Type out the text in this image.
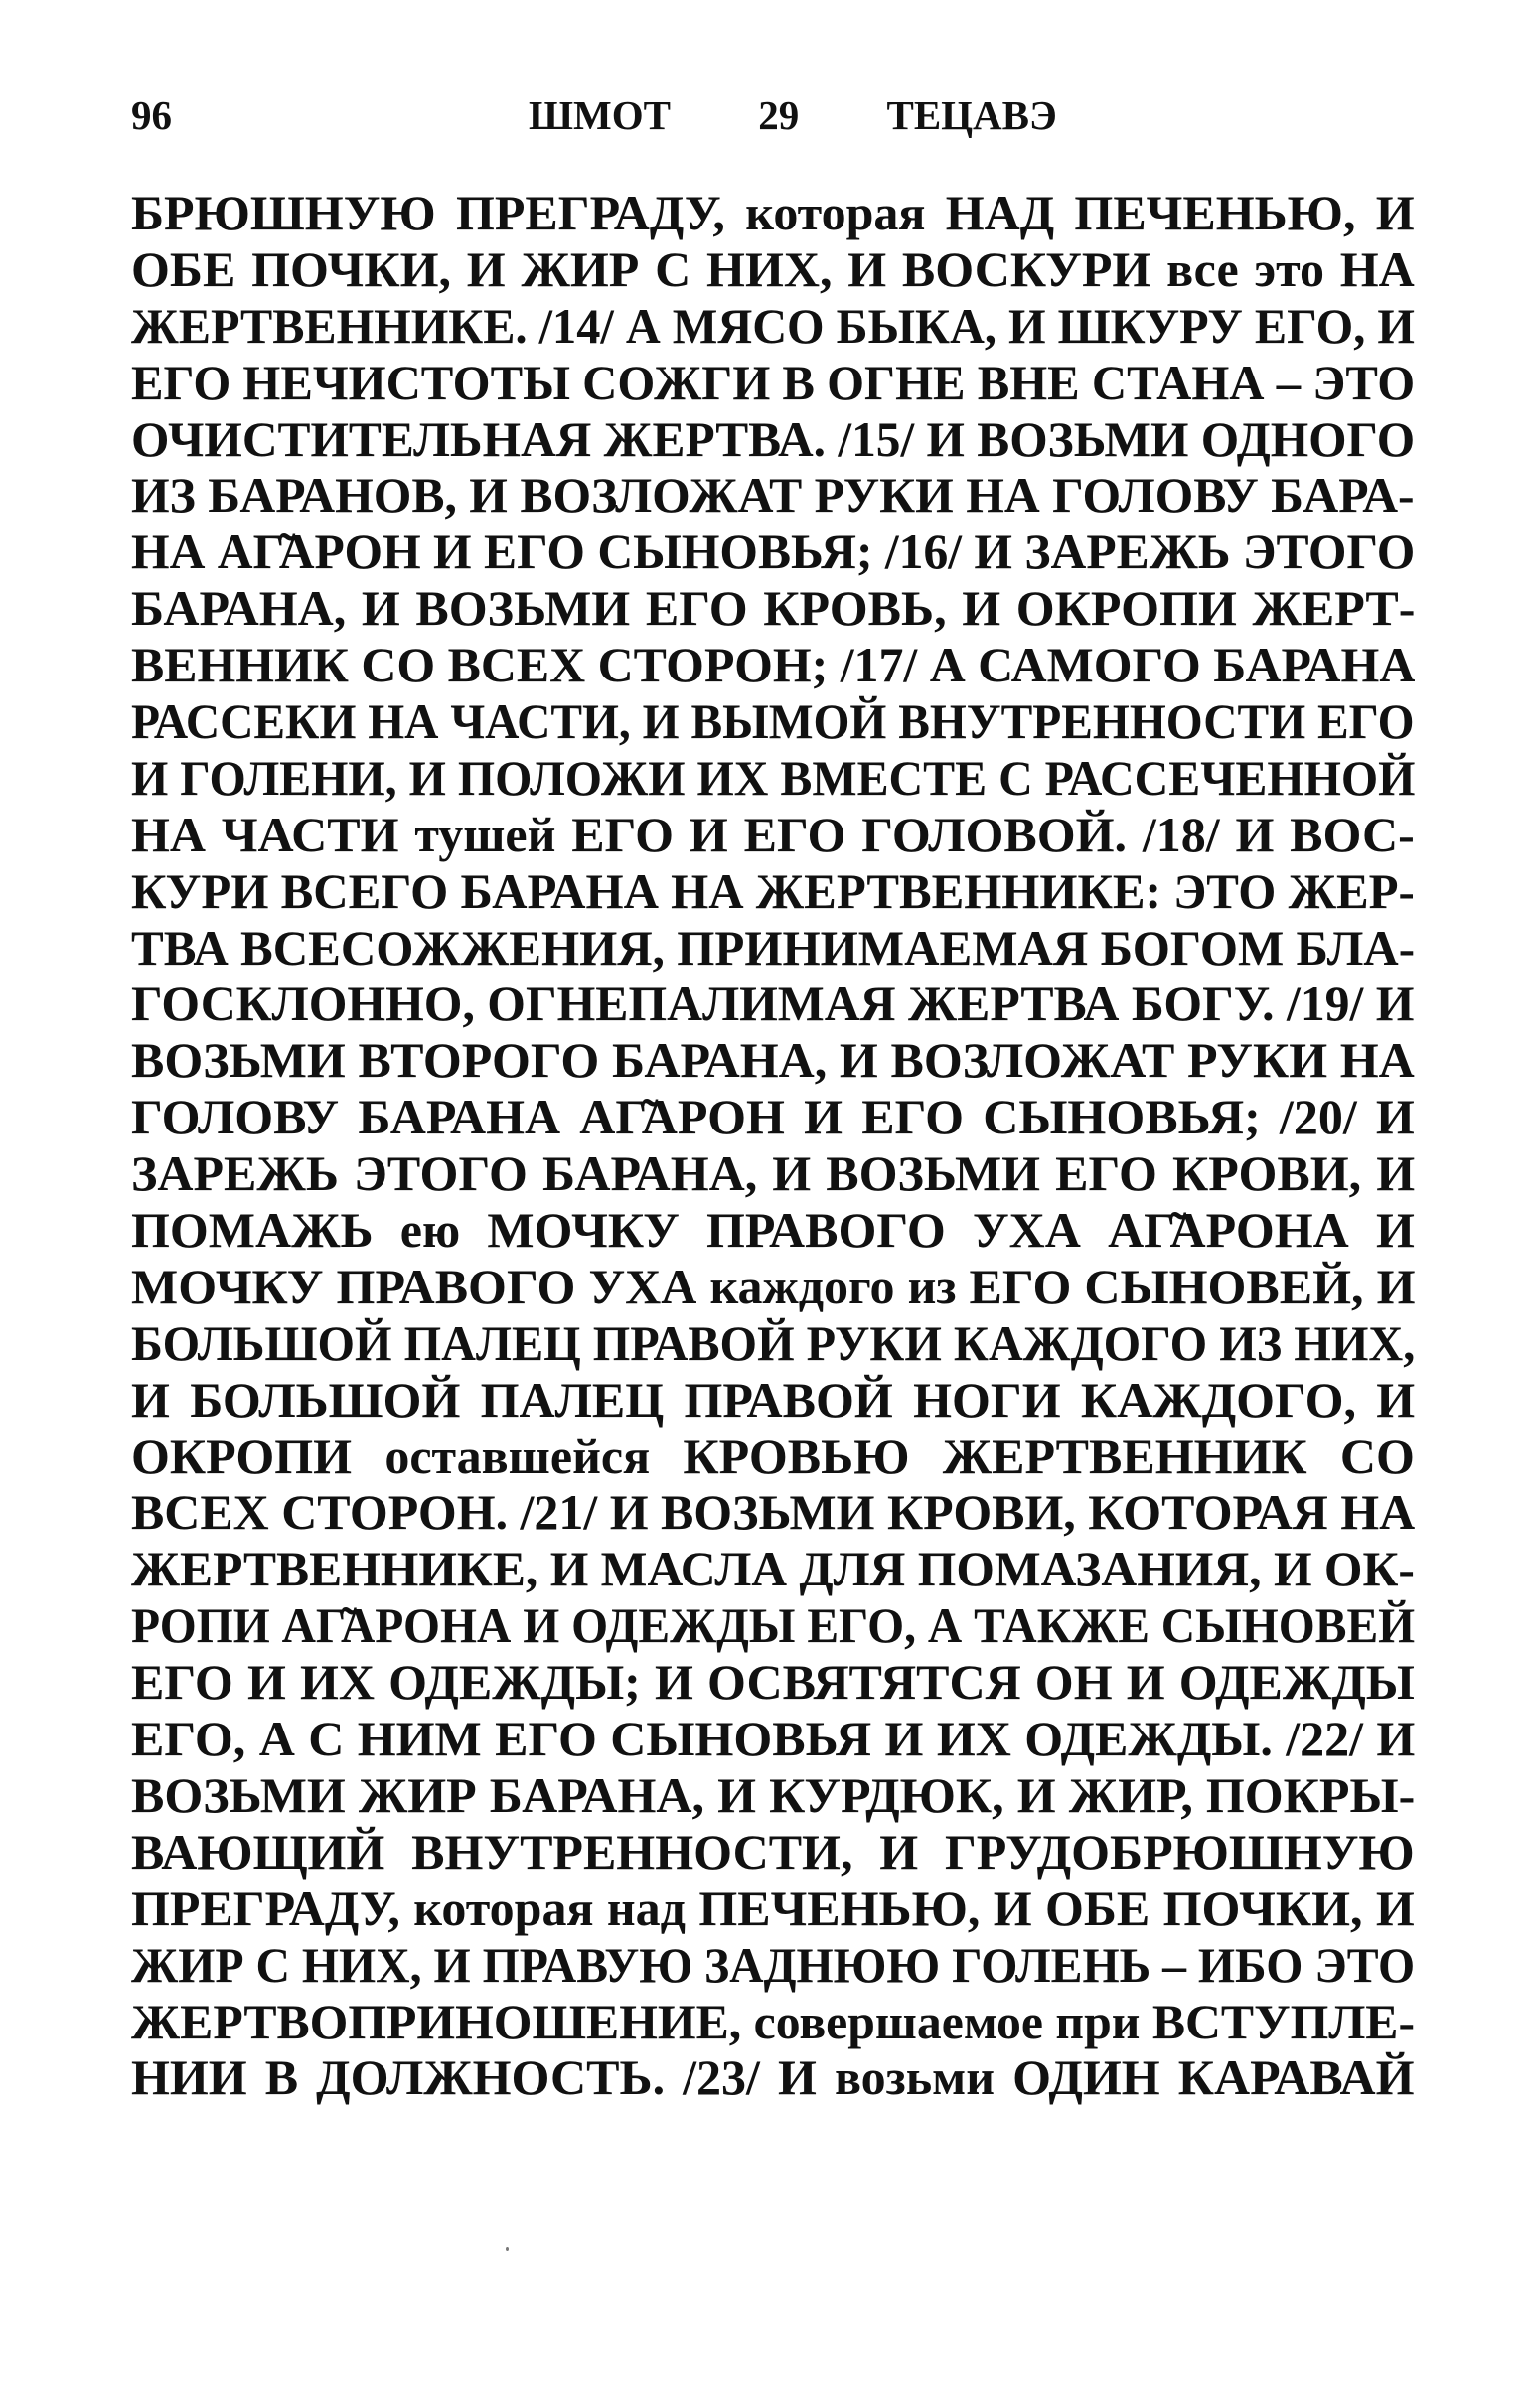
96	ШМОТ 29 ТЕЦАВЭ
БРЮШНУЮ ПРЕГРАДУ, которая НАД ПЕЧЕНЬЮ, И
ОБЕ ПОЧКИ, И ЖИР С НИХ, И ВОСКУРИ все это НА
ЖЕРТВЕННИКЕ. /14/ А МЯСО БЫКА, И ШКУРУ ЕГО, И
ЕГО НЕЧИСТОТЫ СОЖГИ В ОГНЕ ВНЕ СТАНА – ЭТО
ОЧИСТИТЕЛЬНАЯ ЖЕРТВА. /15/ И ВОЗЬМИ ОДНОГО
ИЗ БАРАНОВ, И ВОЗЛОЖАТ РУКИ НА ГОЛОВУ БАРА-
НА АГ̃АРОН И ЕГО СЫНОВЬЯ; /16/ И ЗАРЕЖЬ ЭТОГО
БАРАНА, И ВОЗЬМИ ЕГО КРОВЬ, И ОКРОПИ ЖЕРТ-
ВЕННИК СО ВСЕХ СТОРОН; /17/ А САМОГО БАРАНА
РАССЕКИ НА ЧАСТИ, И ВЫМОЙ ВНУТРЕННОСТИ ЕГО
И ГОЛЕНИ, И ПОЛОЖИ ИХ ВМЕСТЕ С РАССЕЧЕННОЙ
НА ЧАСТИ тушей ЕГО И ЕГО ГОЛОВОЙ. /18/ И ВОС-
КУРИ ВСЕГО БАРАНА НА ЖЕРТВЕННИКЕ: ЭТО ЖЕР-
ТВА ВСЕСОЖЖЕНИЯ, ПРИНИМАЕМАЯ БОГОМ БЛА-
ГОСКЛОННО, ОГНЕПАЛИМАЯ ЖЕРТВА БОГУ. /19/ И
ВОЗЬМИ ВТОРОГО БАРАНА, И ВОЗЛОЖАТ РУКИ НА
ГОЛОВУ БАРАНА АГ̃АРОН И ЕГО СЫНОВЬЯ; /20/ И
ЗАРЕЖЬ ЭТОГО БАРАНА, И ВОЗЬМИ ЕГО КРОВИ, И
ПОМАЖЬ ею МОЧКУ ПРАВОГО УХА АГ̃АРОНА И
МОЧКУ ПРАВОГО УХА каждого из ЕГО СЫНОВЕЙ, И
БОЛЬШОЙ ПАЛЕЦ ПРАВОЙ РУКИ КАЖДОГО ИЗ НИХ,
И БОЛЬШОЙ ПАЛЕЦ ПРАВОЙ НОГИ КАЖДОГО, И
ОКРОПИ оставшейся КРОВЬЮ ЖЕРТВЕННИК СО
ВСЕХ СТОРОН. /21/ И ВОЗЬМИ КРОВИ, КОТОРАЯ НА
ЖЕРТВЕННИКЕ, И МАСЛА ДЛЯ ПОМАЗАНИЯ, И ОК-
РОПИ АГ̃АРОНА И ОДЕЖДЫ ЕГО, А ТАКЖЕ СЫНОВЕЙ
ЕГО И ИХ ОДЕЖДЫ; И ОСВЯТЯТСЯ ОН И ОДЕЖДЫ
ЕГО, А С НИМ ЕГО СЫНОВЬЯ И ИХ ОДЕЖДЫ. /22/ И
ВОЗЬМИ ЖИР БАРАНА, И КУРДЮК, И ЖИР, ПОКРЫ-
ВАЮЩИЙ ВНУТРЕННОСТИ, И ГРУДОБРЮШНУЮ
ПРЕГРАДУ, которая над ПЕЧЕНЬЮ, И ОБЕ ПОЧКИ, И
ЖИР С НИХ, И ПРАВУЮ ЗАДНЮЮ ГОЛЕНЬ – ИБО ЭТО
ЖЕРТВОПРИНОШЕНИЕ, совершаемое при ВСТУПЛЕ-
НИИ В ДОЛЖНОСТЬ. /23/ И возьми ОДИН КАРАВАЙ
